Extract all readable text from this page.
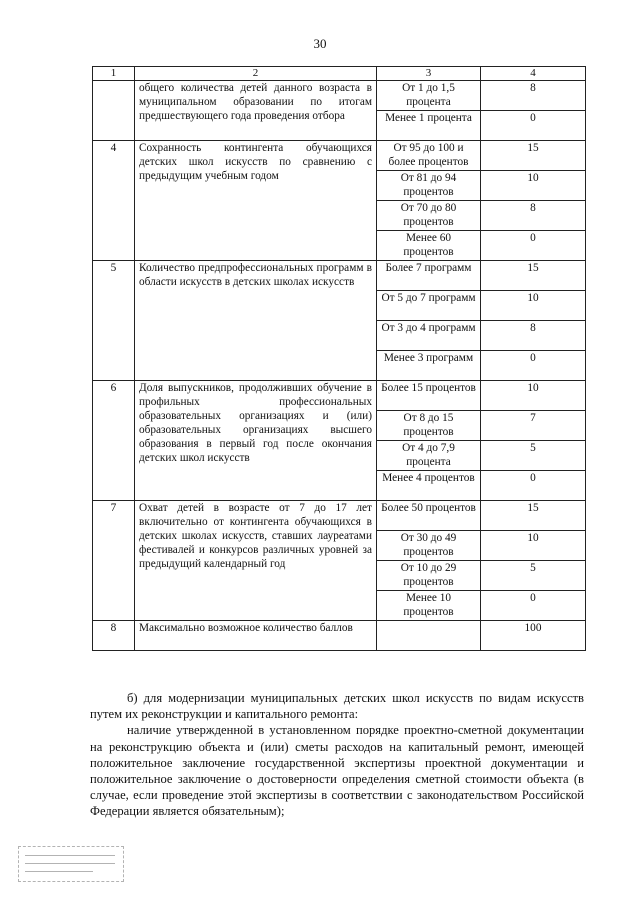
30
1	2	3	4
	общего количества детей данного возраста в муниципальном образовании по итогам предшествующего года проведения отбора	От 1 до 1,5 процента	8
		Менее 1 процента	0
4	Сохранность контингента обучающихся детских школ искусств по сравнению с предыдущим учебным годом	От 95 до 100 и более процентов	15
		От 81 до 94 процентов	10
		От 70 до 80 процентов	8
		Менее 60 процентов	0
5	Количество предпрофессиональных программ в области искусств в детских школах искусств	Более 7 программ	15
		От 5 до 7 программ	10
		От 3 до 4 программ	8
		Менее 3 программ	0
6	Доля выпускников, продолживших обучение в профильных профессиональных образовательных организациях и (или) образовательных организациях высшего образования в первый год после окончания детских школ искусств	Более 15 процентов	10
		От 8 до 15 процентов	7
		От 4 до 7,9 процента	5
		Менее 4 процентов	0
7	Охват детей в возрасте от 7 до 17 лет включительно от контингента обучающихся в детских школах искусств, ставших лауреатами фестивалей и конкурсов различных уровней за предыдущий календарный год	Более 50 процентов	15
		От 30 до 49 процентов	10
		От 10 до 29 процентов	5
		Менее 10 процентов	0
8	Максимально возможное количество баллов		100

б) для модернизации муниципальных детских школ искусств по видам искусств путем их реконструкции и капитального ремонта:

наличие утвержденной в установленном порядке проектно-сметной документации на реконструкцию объекта и (или) сметы расходов на капитальный ремонт, имеющей положительное заключение государственной экспертизы проектной документации и положительное заключение о достоверности определения сметной стоимости объекта (в случае, если проведение этой экспертизы в соответствии с законодательством Российской Федерации является обязательным);
